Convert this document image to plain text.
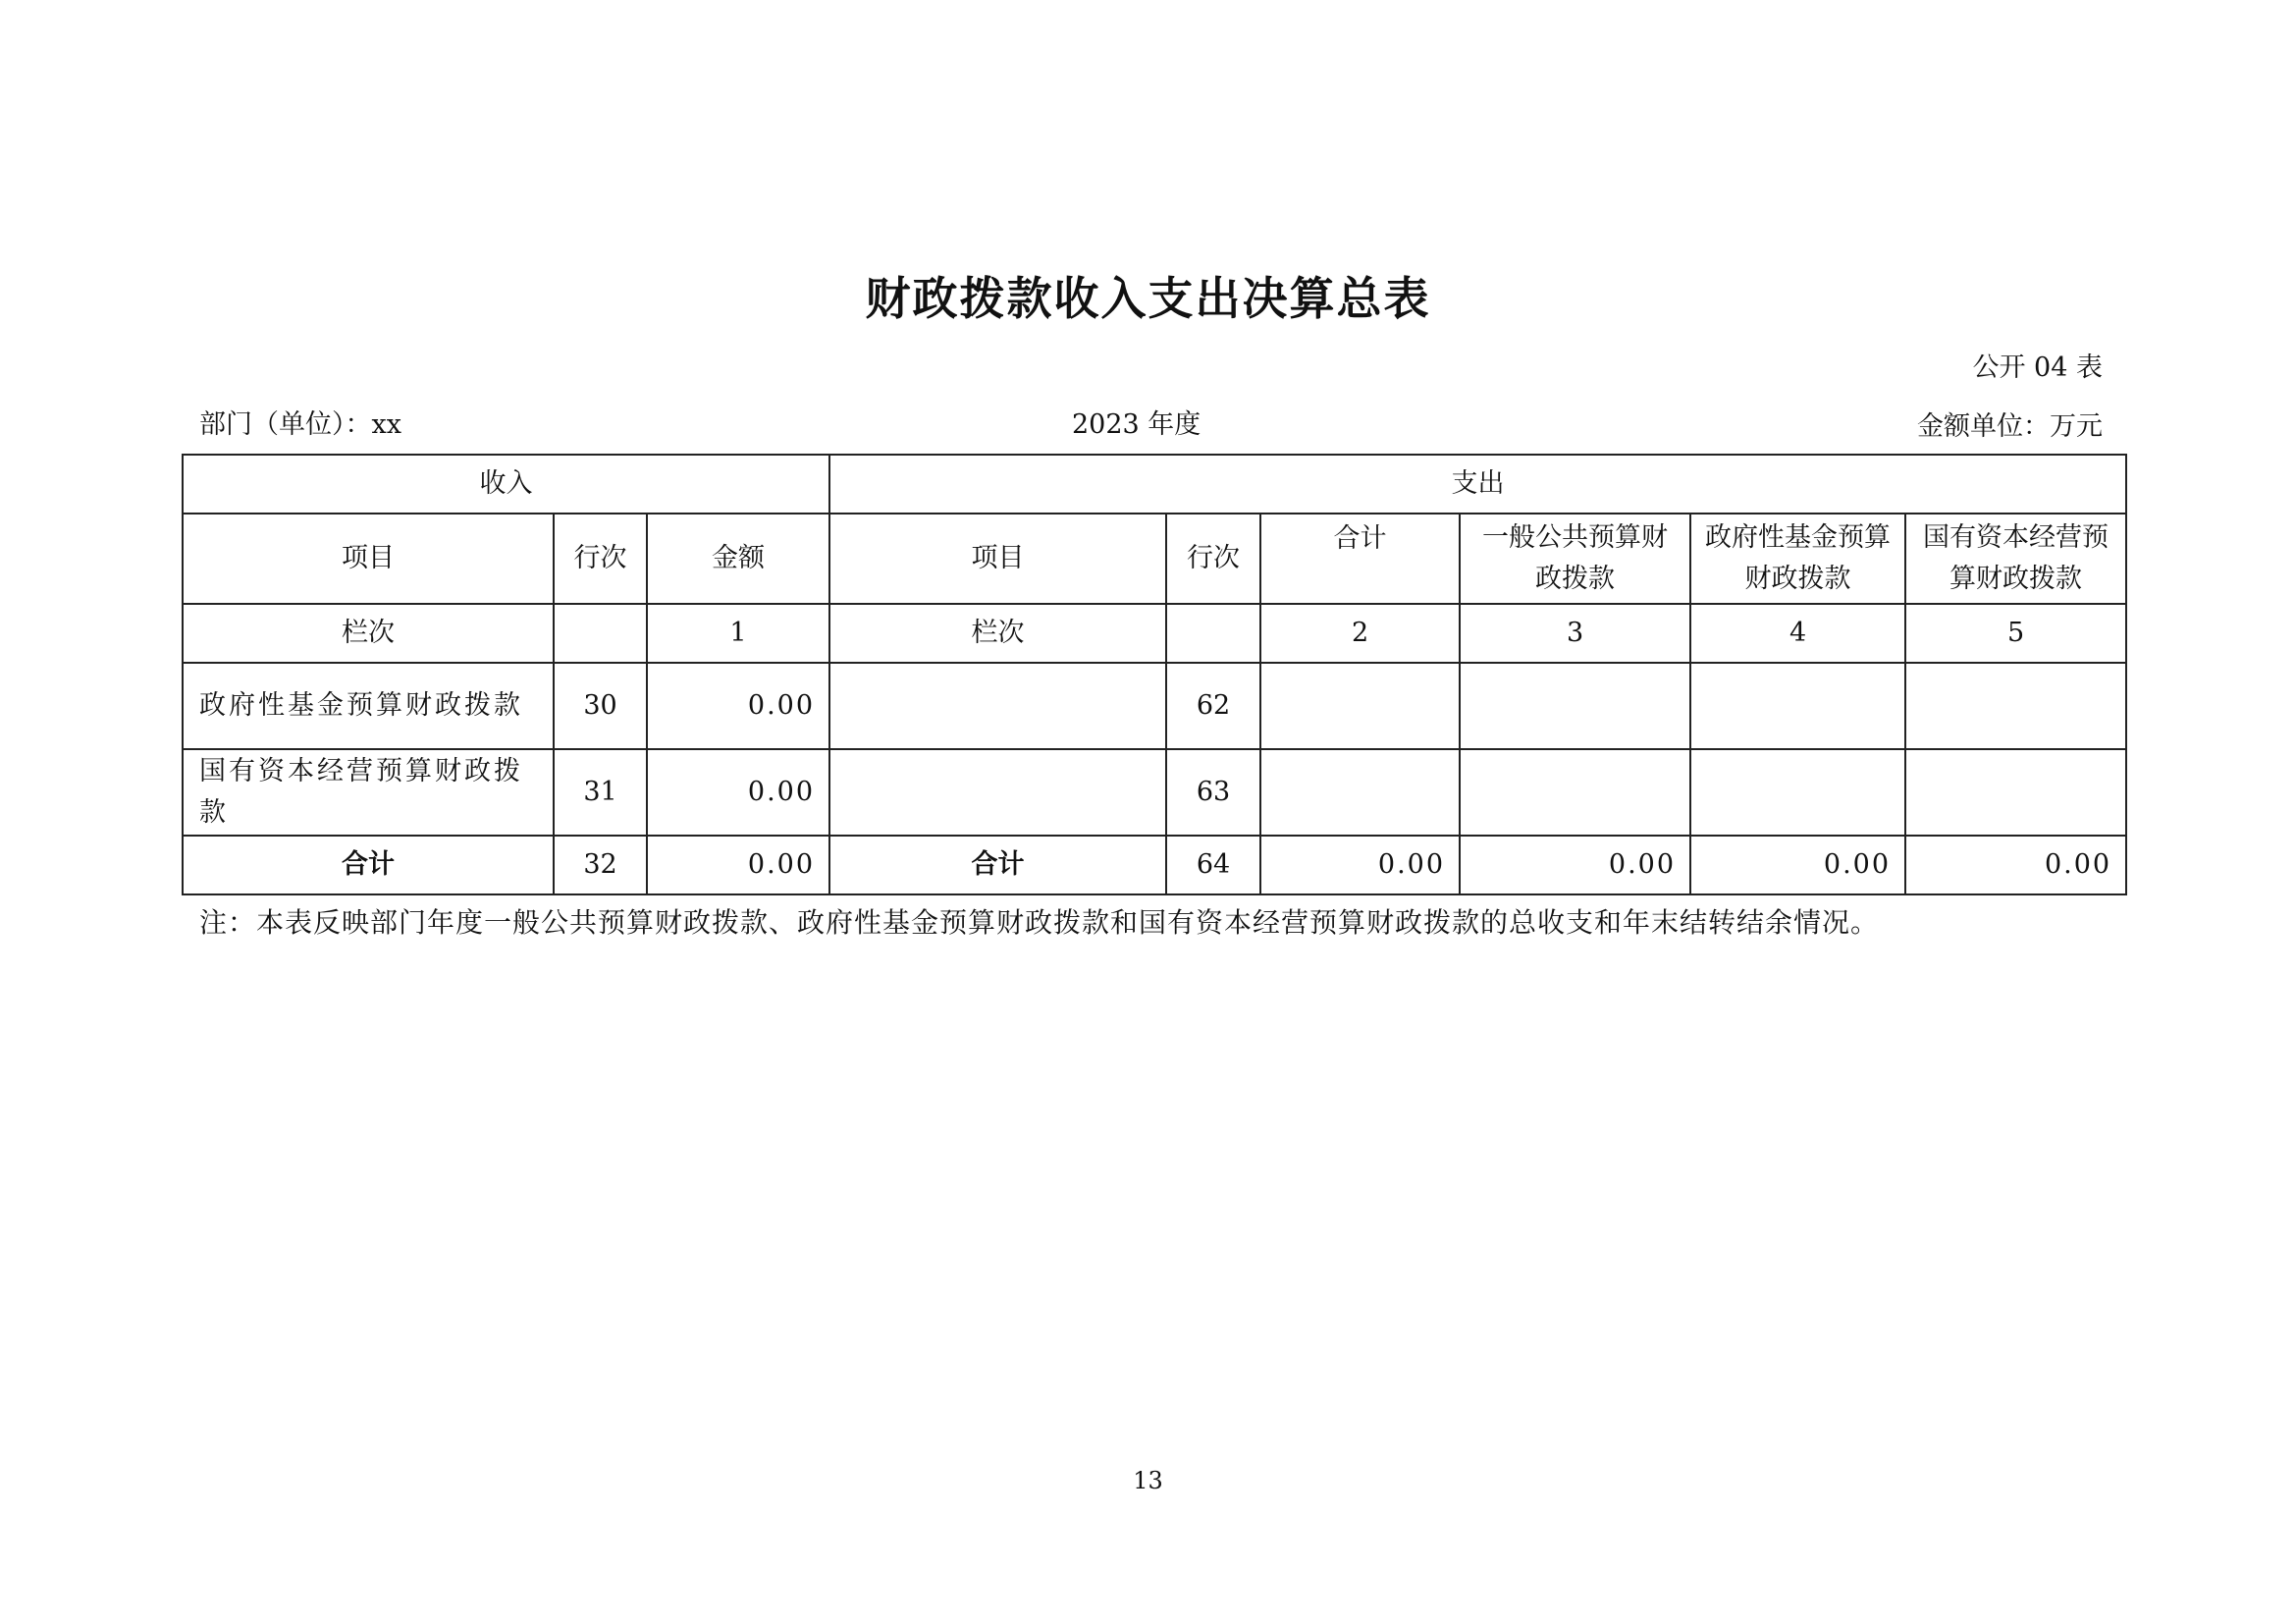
财政拨款收入支出决算总表
公开 04 表
部门（单位）：xx	2023 年度	金额单位：万元
收入			支出					
项目	行次	金额	项目	行次	合计	一般公共预算财政拨款	政府性基金预算财政拨款	国有资本经营预算财政拨款
栏次		1	栏次		2	3	4	5
政府性基金预算财政拨款	30	0.00		62				
国有资本经营预算财政拨款	31	0.00		63				
合计	32	0.00	合计	64	0.00	0.00	0.00	0.00
注：本表反映部门年度一般公共预算财政拨款、政府性基金预算财政拨款和国有资本经营预算财政拨款的总收支和年末结转结余情况。
13
